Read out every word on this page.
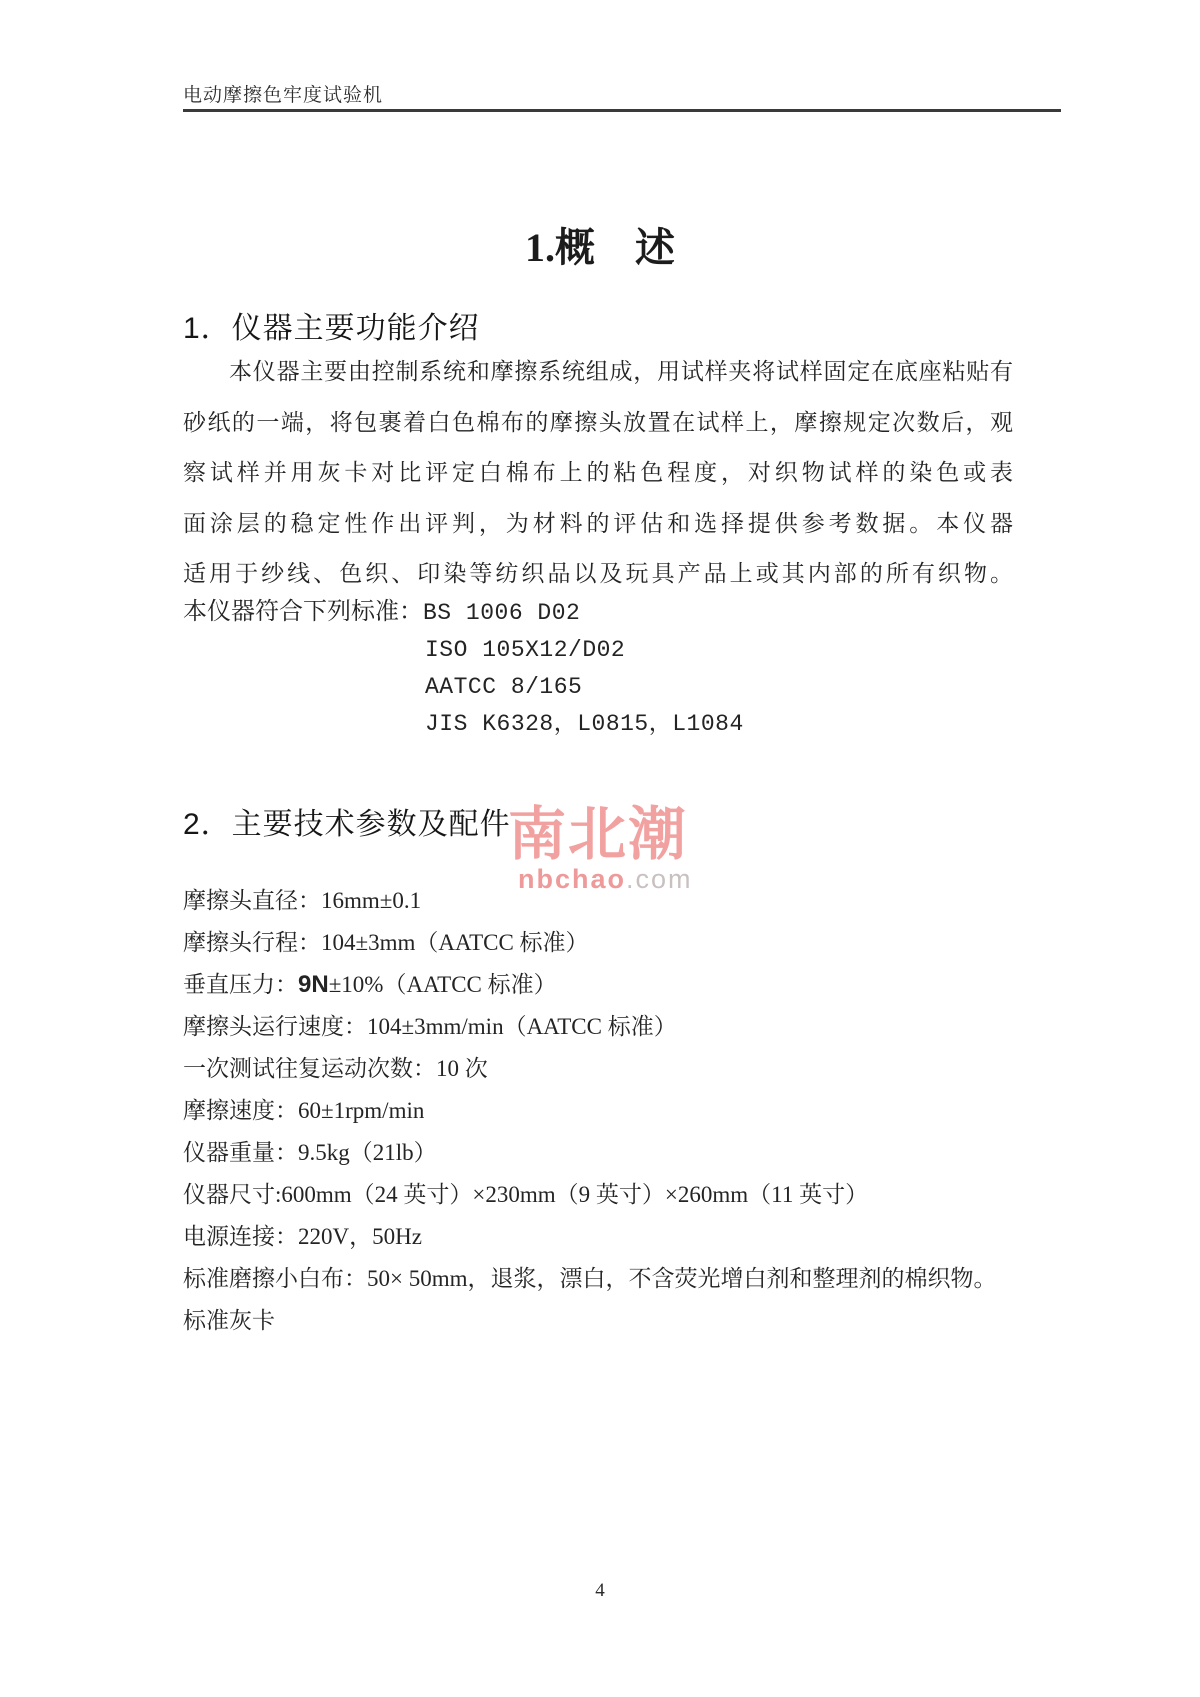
电动摩擦色牢度试验机
1.概　述
1．仪器主要功能介绍
本仪器主要由控制系统和摩擦系统组成，用试样夹将试样固定在底座粘贴有
砂纸的一端，将包裹着白色棉布的摩擦头放置在试样上，摩擦规定次数后，观
察试样并用灰卡对比评定白棉布上的粘色程度，对织物试样的染色或表
面涂层的稳定性作出评判，为材料的评估和选择提供参考数据。本仪器
适用于纱线、色织、印染等纺织品以及玩具产品上或其内部的所有织物。
本仪器符合下列标准：BS 1006 D02
ISO 105X12/D02
AATCC 8/165
JIS K6328，L0815，L1084
2．主要技术参数及配件
南北潮
nbchao.com
摩擦头直径：16mm±0.1
摩擦头行程：104±3mm（AATCC 标准）
垂直压力：9N±10%（AATCC 标准）
摩擦头运行速度：104±3mm/min（AATCC 标准）
一次测试往复运动次数：10 次
摩擦速度：60±1rpm/min
仪器重量：9.5kg（21lb）
仪器尺寸:600mm（24 英寸）×230mm（9 英寸）×260mm（11 英寸）
电源连接：220V，50Hz
标准磨擦小白布：50× 50mm，退浆，漂白，不含荧光增白剂和整理剂的棉织物。
标准灰卡
4
